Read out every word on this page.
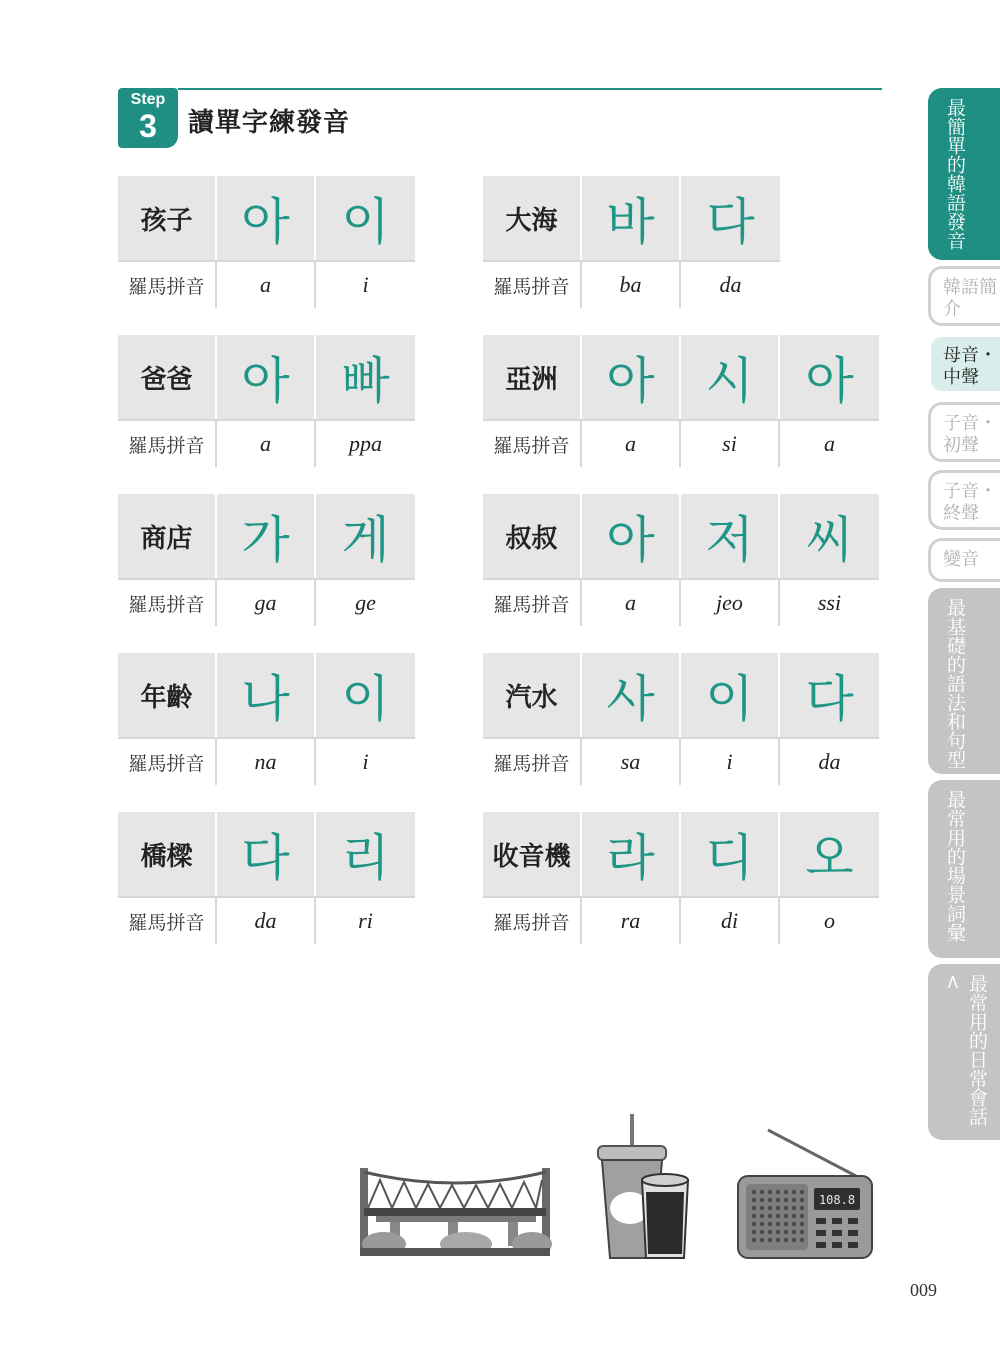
Step
3	讀單字練發音
孩子 아	이
羅馬拼音	a	i
爸爸 아	빠
羅馬拼音	a	ppa
商店 가	게
羅馬拼音	ga	ge
年齡 나	이
羅馬拼音	na	i
橋樑 다	리
羅馬拼音	da	ri
大海 바	다
羅馬拼音	ba	da
亞洲 아	시	아
羅馬拼音	a	si	a
叔叔 아	저	씨
羅馬拼音	a	jeo	ssi
汽水 사	이	다
羅馬拼音	sa	i	da
收音機 라	디	오
羅馬拼音	ra	di	o
最簡單的韓語發音
韓語簡介
母音・中聲
子音・初聲
子音・終聲
變音
最基礎的語法和句型
最常用的場景詞彙
最常用的日常會話<
108.8
009
